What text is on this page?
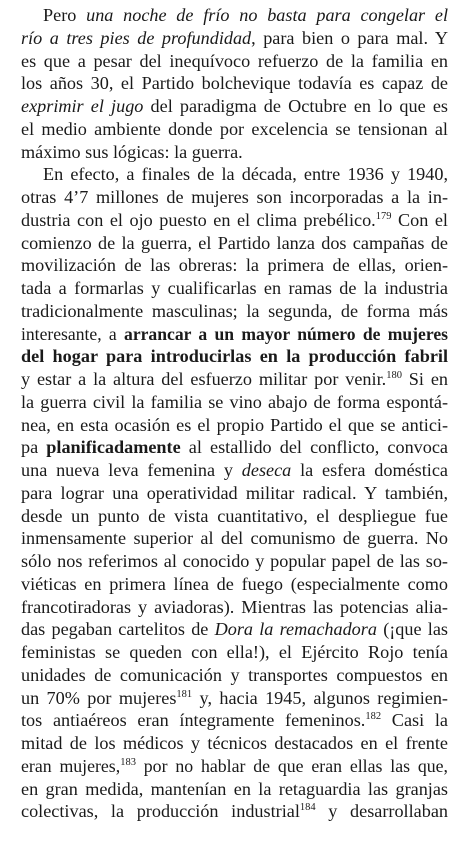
Pero una noche de frío no basta para congelar el
río a tres pies de profundidad, para bien o para mal. Y
es que a pesar del inequívoco refuerzo de la familia en
los años 30, el Partido bolchevique todavía es capaz de
exprimir el jugo del paradigma de Octubre en lo que es
el medio ambiente donde por excelencia se tensionan al
máximo sus lógicas: la guerra.
En efecto, a finales de la década, entre 1936 y 1940,
otras 4’7 millones de mujeres son incorporadas a la in-
dustria con el ojo puesto en el clima prebélico.$^{179}$ Con el
comienzo de la guerra, el Partido lanza dos campañas de
movilización de las obreras: la primera de ellas, orien-
tada a formarlas y cualificarlas en ramas de la industria
tradicionalmente masculinas; la segunda, de forma más
interesante, a arrancar a un mayor número de mujeres
del hogar para introducirlas en la producción fabril
y estar a la altura del esfuerzo militar por venir.$^{180}$ Si en
la guerra civil la familia se vino abajo de forma espontá-
nea, en esta ocasión es el propio Partido el que se antici-
pa planificadamente al estallido del conflicto, convoca
una nueva leva femenina y deseca la esfera doméstica
para lograr una operatividad militar radical. Y también,
desde un punto de vista cuantitativo, el despliegue fue
inmensamente superior al del comunismo de guerra. No
sólo nos referimos al conocido y popular papel de las so-
viéticas en primera línea de fuego (especialmente como
francotiradoras y aviadoras). Mientras las potencias alia-
das pegaban cartelitos de Dora la remachadora (¡que las
feministas se queden con ella!), el Ejército Rojo tenía
unidades de comunicación y transportes compuestos en
un 70% por mujeres$^{181}$ y, hacia 1945, algunos regimien-
tos antiaéreos eran íntegramente femeninos.$^{182}$ Casi la
mitad de los médicos y técnicos destacados en el frente
eran mujeres,$^{183}$ por no hablar de que eran ellas las que,
en gran medida, mantenían en la retaguardia las granjas
colectivas, la producción industrial$^{184}$ y desarrollaban
